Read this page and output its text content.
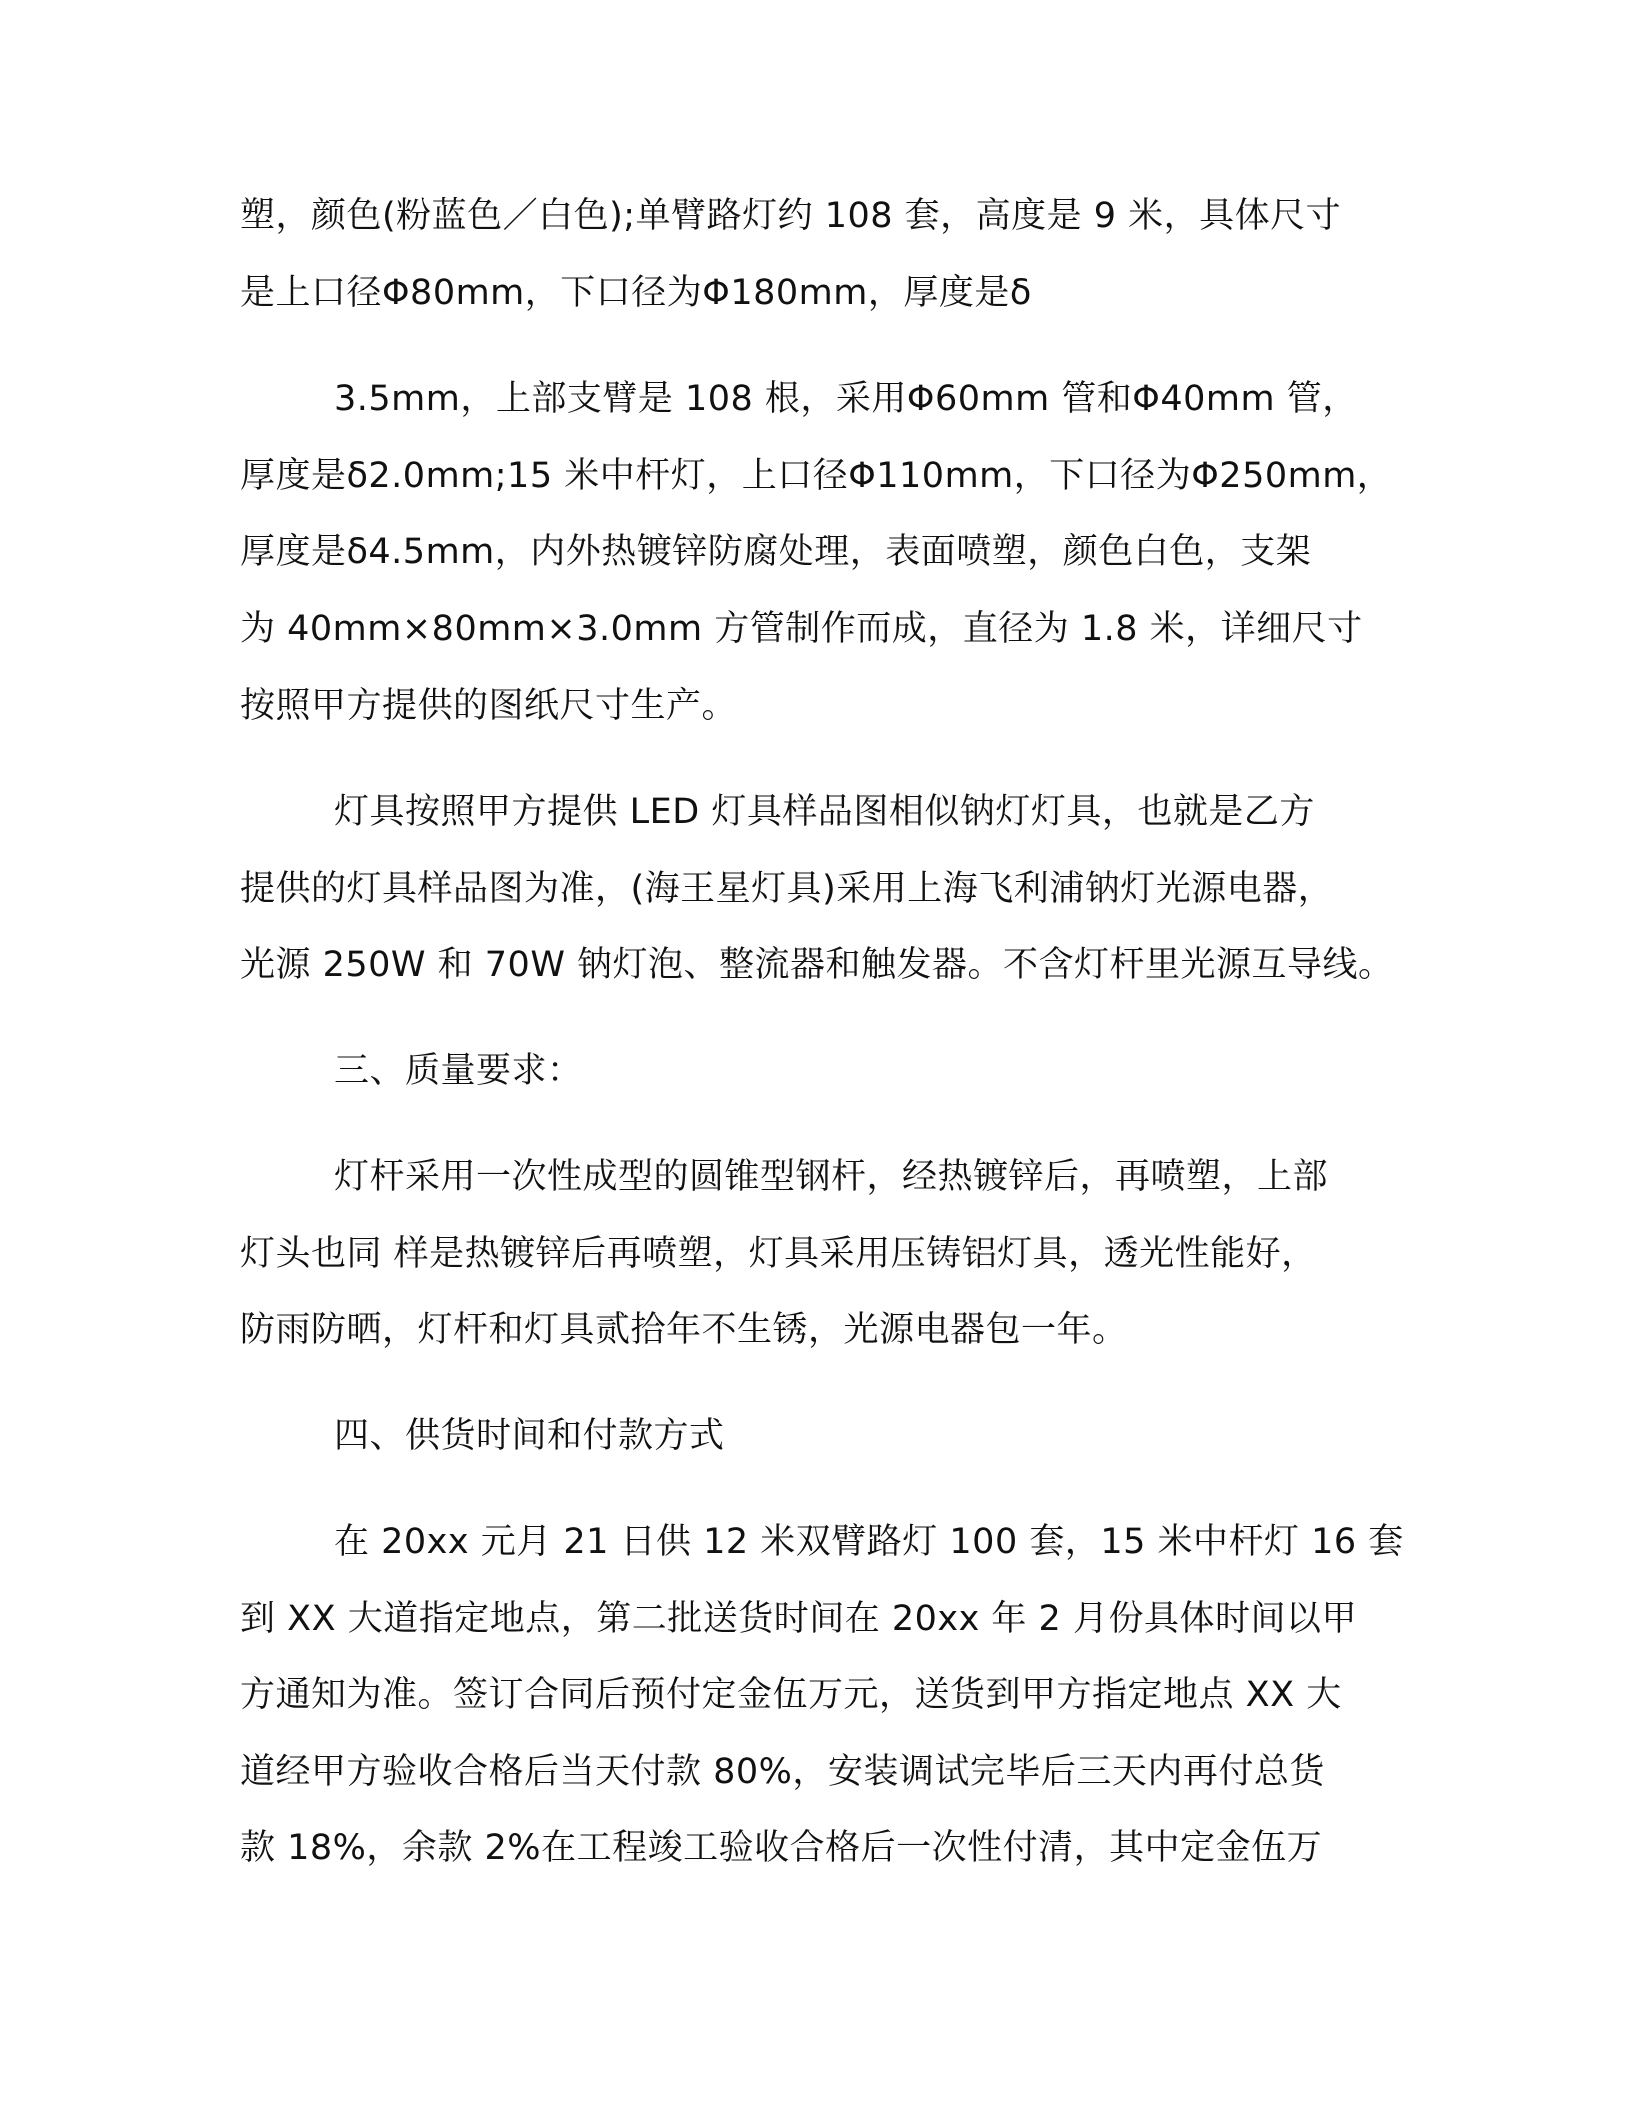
塑，颜色(粉蓝色／白色);单臂路灯约 108 套，高度是 9 米，具体尺寸
是上口径Φ80mm，下口径为Φ180mm，厚度是δ
3.5mm，上部支臂是 108 根，采用Φ60mm 管和Φ40mm 管，
厚度是δ2.0mm;15 米中杆灯，上口径Φ110mm，下口径为Φ250mm，
厚度是δ4.5mm，内外热镀锌防腐处理，表面喷塑，颜色白色，支架
为 40mm×80mm×3.0mm 方管制作而成，直径为 1.8 米，详细尺寸
按照甲方提供的图纸尺寸生产。
灯具按照甲方提供 LED 灯具样品图相似钠灯灯具，也就是乙方
提供的灯具样品图为准，(海王星灯具)采用上海飞利浦钠灯光源电器，
光源 250W 和 70W 钠灯泡、整流器和触发器。不含灯杆里光源互导线。
三、质量要求：
灯杆采用一次性成型的圆锥型钢杆，经热镀锌后，再喷塑，上部
灯头也同 样是热镀锌后再喷塑，灯具采用压铸铝灯具，透光性能好，
防雨防晒，灯杆和灯具贰拾年不生锈，光源电器包一年。
四、供货时间和付款方式
在 20xx 元月 21 日供 12 米双臂路灯 100 套，15 米中杆灯 16 套
到 XX 大道指定地点，第二批送货时间在 20xx 年 2 月份具体时间以甲
方通知为准。签订合同后预付定金伍万元，送货到甲方指定地点 XX 大
道经甲方验收合格后当天付款 80%，安装调试完毕后三天内再付总货
款 18%，余款 2%在工程竣工验收合格后一次性付清，其中定金伍万
